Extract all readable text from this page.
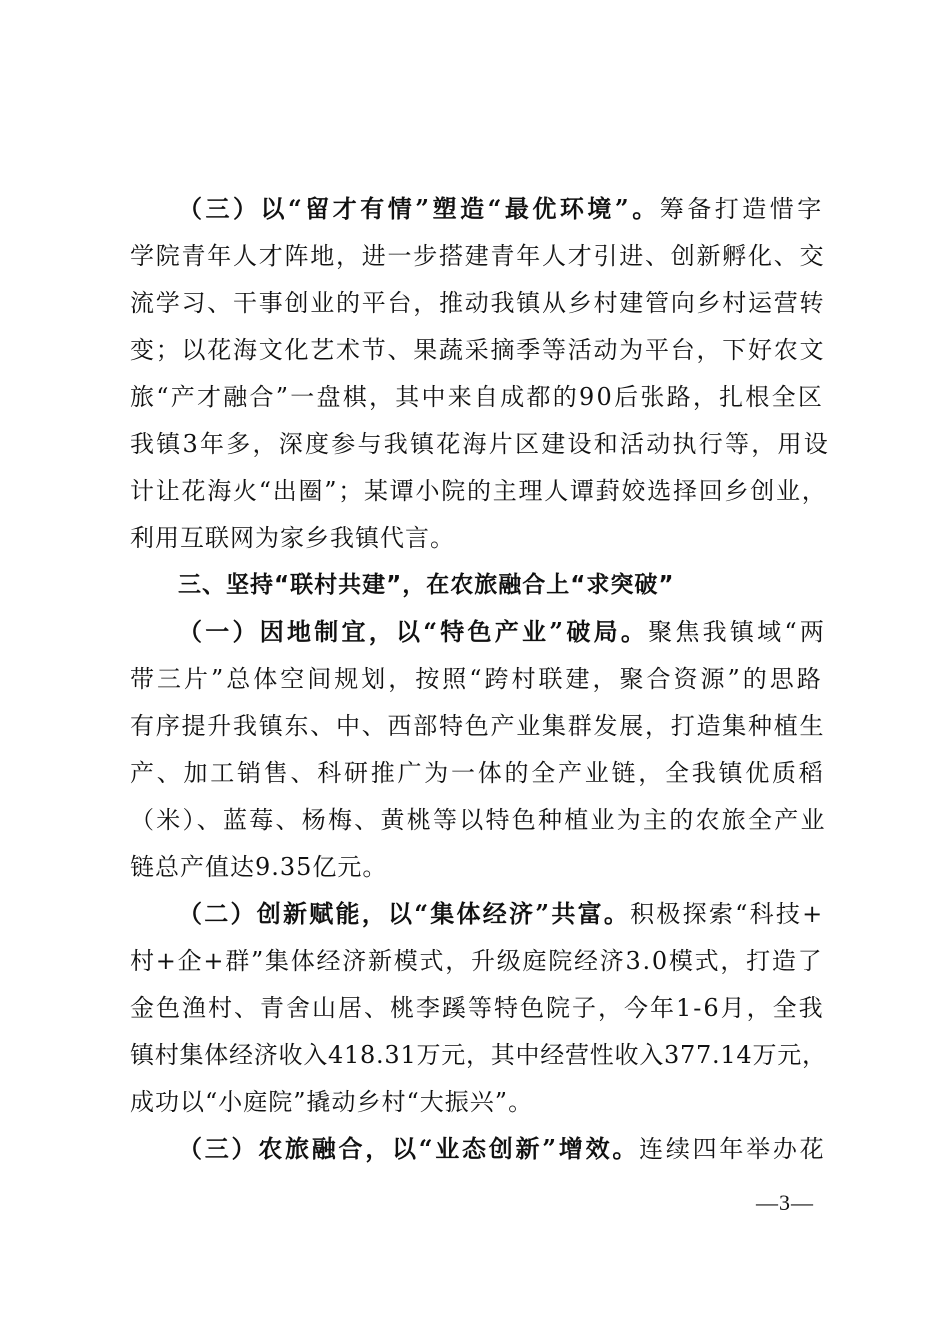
（三）以“留才有情”塑造“最优环境”。筹备打造惜字
学院青年人才阵地，进一步搭建青年人才引进、创新孵化、交
流学习、干事创业的平台，推动我镇从乡村建管向乡村运营转
变；以花海文化艺术节、果蔬采摘季等活动为平台，下好农文
旅“产才融合”一盘棋，其中来自成都的90后张路，扎根全区
我镇3年多，深度参与我镇花海片区建设和活动执行等，用设
计让花海火“出圈”；某谭小院的主理人谭葑姣选择回乡创业，
利用互联网为家乡我镇代言。
三、坚持“联村共建”，在农旅融合上“求突破”
（一）因地制宜，以“特色产业”破局。聚焦我镇域“两
带三片”总体空间规划，按照“跨村联建，聚合资源”的思路
有序提升我镇东、中、西部特色产业集群发展，打造集种植生
产、加工销售、科研推广为一体的全产业链，全我镇优质稻
（米）、蓝莓、杨梅、黄桃等以特色种植业为主的农旅全产业
链总产值达9.35亿元。
（二）创新赋能，以“集体经济”共富。积极探索“科技+
村+企+群”集体经济新模式，升级庭院经济3.0模式，打造了
金色渔村、青舍山居、桃李蹊等特色院子，今年1-6月，全我
镇村集体经济收入418.31万元，其中经营性收入377.14万元，
成功以“小庭院”撬动乡村“大振兴”。
（三）农旅融合，以“业态创新”增效。连续四年举办花
—3—
